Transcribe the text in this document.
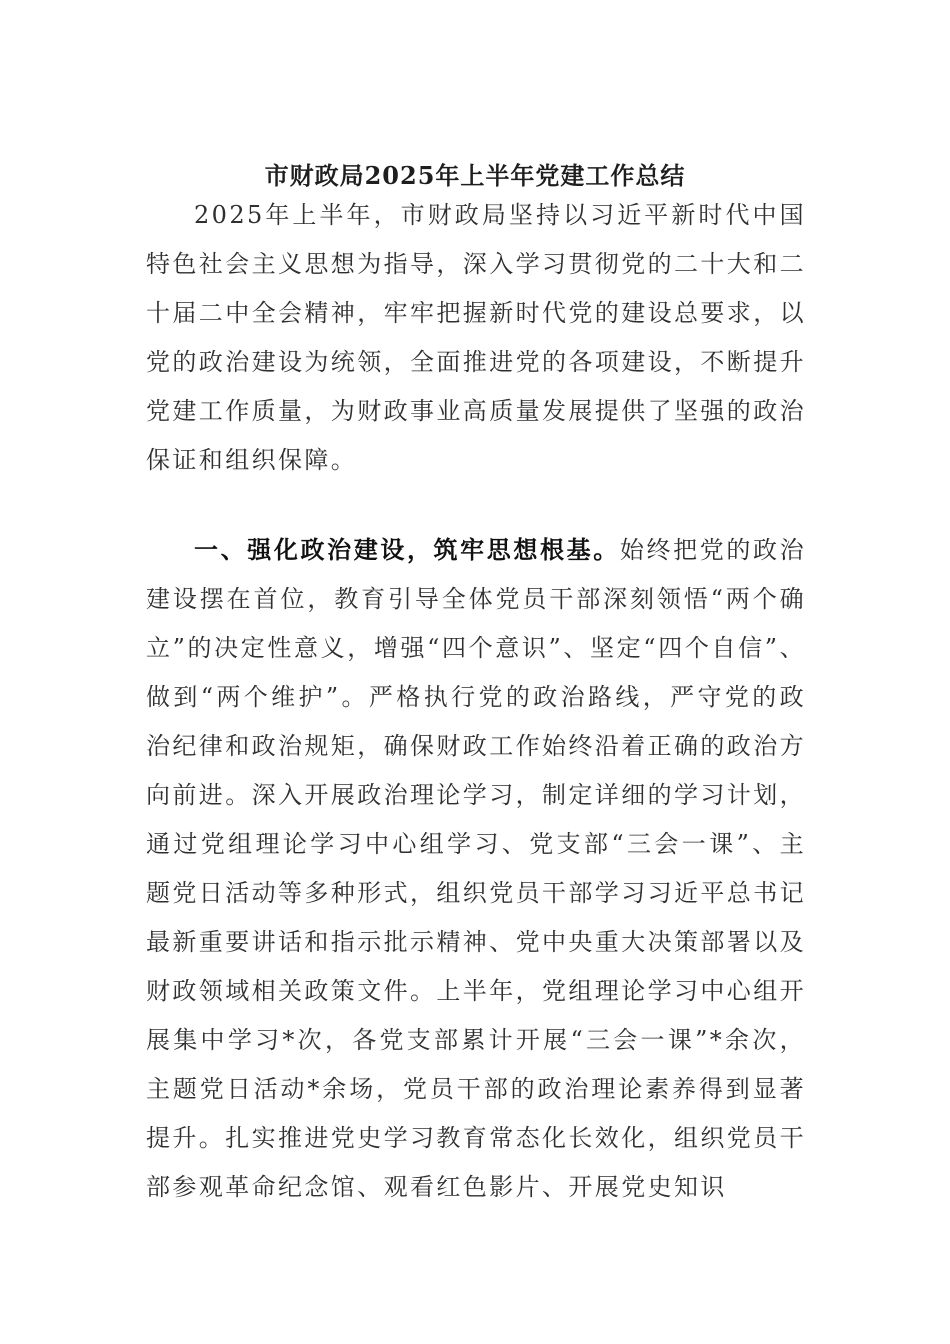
市财政局2025年上半年党建工作总结

2025年上半年，市财政局坚持以习近平新时代中国特色社会主义思想为指导，深入学习贯彻党的二十大和二十届二中全会精神，牢牢把握新时代党的建设总要求，以党的政治建设为统领，全面推进党的各项建设，不断提升党建工作质量，为财政事业高质量发展提供了坚强的政治保证和组织保障。

一、强化政治建设，筑牢思想根基。始终把党的政治建设摆在首位，教育引导全体党员干部深刻领悟“两个确立”的决定性意义，增强“四个意识”、坚定“四个自信”、做到“两个维护”。严格执行党的政治路线，严守党的政治纪律和政治规矩，确保财政工作始终沿着正确的政治方向前进。深入开展政治理论学习，制定详细的学习计划，通过党组理论学习中心组学习、党支部“三会一课”、主题党日活动等多种形式，组织党员干部学习习近平总书记最新重要讲话和指示批示精神、党中央重大决策部署以及财政领域相关政策文件。上半年，党组理论学习中心组开展集中学习*次，各党支部累计开展“三会一课”*余次，主题党日活动*余场，党员干部的政治理论素养得到显著提升。扎实推进党史学习教育常态化长效化，组织党员干部参观革命纪念馆、观看红色影片、开展党史知识
